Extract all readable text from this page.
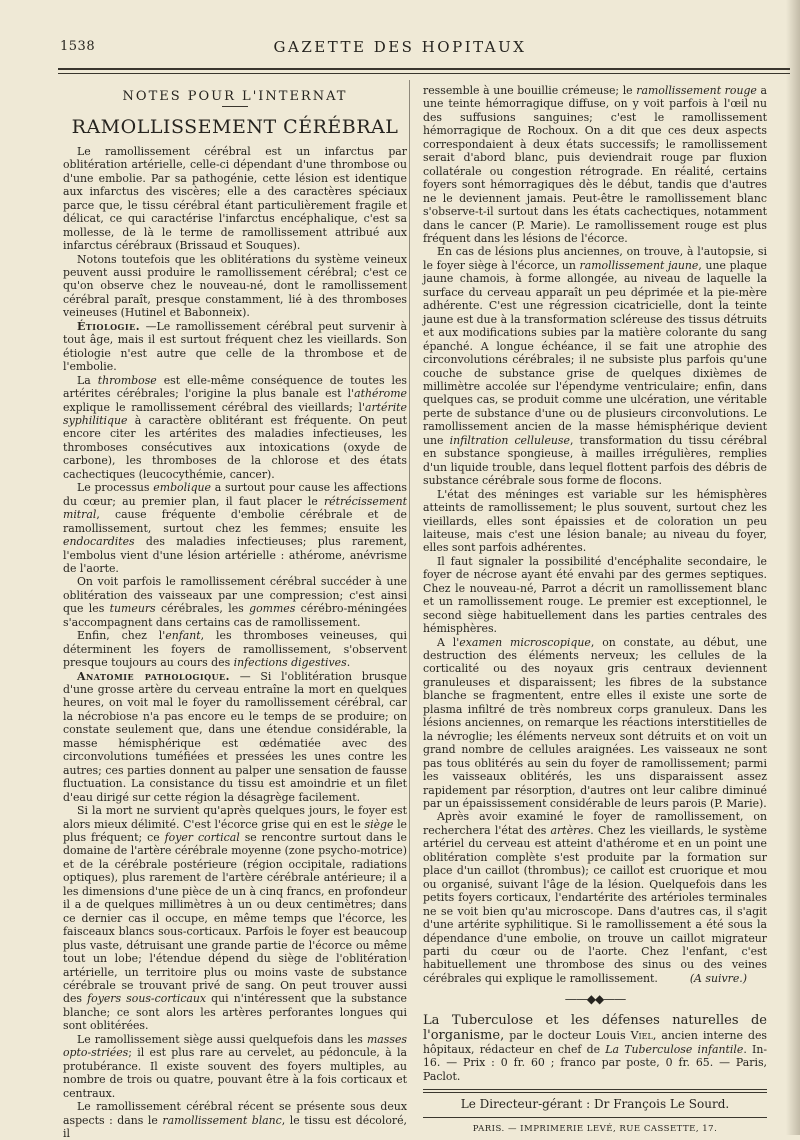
1538	GAZETTE DES HOPITAUX
NOTES POUR L'INTERNAT
RAMOLLISSEMENT CÉRÉBRAL

Le ramollissement cérébral est un infarctus par oblitération artérielle, celle-ci dépendant d'une thrombose ou d'une embolie. Par sa pathogénie, cette lésion est identique aux infarctus des viscères; elle a des caractères spéciaux parce que, le tissu cérébral étant particulièrement fragile et délicat, ce qui caractérise l'infarctus encéphalique, c'est sa mollesse, de là le terme de ramollissement attribué aux infarctus cérébraux (Brissaud et Souques).

Notons toutefois que les oblitérations du système veineux peuvent aussi produire le ramollissement cérébral; c'est ce qu'on observe chez le nouveau-né, dont le ramollissement cérébral paraît, presque constamment, lié à des thromboses veineuses (Hutinel et Babonneix).

Étiologie. —Le ramollissement cérébral peut survenir à tout âge, mais il est surtout fréquent chez les vieillards. Son étiologie n'est autre que celle de la thrombose et de l'embolie.

La thrombose est elle-même conséquence de toutes les artérites cérébrales; l'origine la plus banale est l'athérome explique le ramollissement cérébral des vieillards; l'artérite syphilitique à caractère oblitérant est fréquente. On peut encore citer les artérites des maladies infectieuses, les thromboses consécutives aux intoxications (oxyde de carbone), les thromboses de la chlorose et des états cachectiques (leucocythémie, cancer).

Le processus embolique a surtout pour cause les affections du cœur; au premier plan, il faut placer le rétrécissement mitral, cause fréquente d'embolie cérébrale et de ramollissement, surtout chez les femmes; ensuite les endocardites des maladies infectieuses; plus rarement, l'embolus vient d'une lésion artérielle : athérome, anévrisme de l'aorte.

On voit parfois le ramollissement cérébral succéder à une oblitération des vaisseaux par une compression; c'est ainsi que les tumeurs cérébrales, les gommes cérébro-méningées s'accompagnent dans certains cas de ramollissement.

Enfin, chez l'enfant, les thromboses veineuses, qui déterminent les foyers de ramollissement, s'observent presque toujours au cours des infections digestives.

Anatomie pathologique. — Si l'oblitération brusque d'une grosse artère du cerveau entraîne la mort en quelques heures, on voit mal le foyer du ramollissement cérébral, car la nécrobiose n'a pas encore eu le temps de se produire; on constate seulement que, dans une étendue considérable, la masse hémisphérique est œdématiée avec des circonvolutions tuméfiées et pressées les unes contre les autres; ces parties donnent au palper une sensation de fausse fluctuation. La consistance du tissu est amoindrie et un filet d'eau dirigé sur cette région la désagrège facilement.

Si la mort ne survient qu'après quelques jours, le foyer est alors mieux délimité. C'est l'écorce grise qui en est le siège le plus fréquent; ce foyer cortical se rencontre surtout dans le domaine de l'artère cérébrale moyenne (zone psycho-motrice) et de la cérébrale postérieure (région occipitale, radiations optiques), plus rarement de l'artère cérébrale antérieure; il a les dimensions d'une pièce de un à cinq francs, en profondeur il a de quelques millimètres à un ou deux centimètres; dans ce dernier cas il occupe, en même temps que l'écorce, les faisceaux blancs sous-corticaux. Parfois le foyer est beaucoup plus vaste, détruisant une grande partie de l'écorce ou même tout un lobe; l'étendue dépend du siège de l'oblitération artérielle, un territoire plus ou moins vaste de substance cérébrale se trouvant privé de sang. On peut trouver aussi des foyers sous-corticaux qui n'intéressent que la substance blanche; ce sont alors les artères perforantes longues qui sont oblitérées.

Le ramollissement siège aussi quelquefois dans les masses opto-striées; il est plus rare au cervelet, au pédoncule, à la protubérance. Il existe souvent des foyers multiples, au nombre de trois ou quatre, pouvant être à la fois corticaux et centraux.

Le ramollissement cérébral récent se présente sous deux aspects : dans le ramollissement blanc, le tissu est décoloré, il

ressemble à une bouillie crémeuse; le ramollissement rouge a une teinte hémorragique diffuse, on y voit parfois à l'œil nu des suffusions sanguines; c'est le ramollissement hémorragique de Rochoux. On a dit que ces deux aspects correspondaient à deux états successifs; le ramollissement serait d'abord blanc, puis deviendrait rouge par fluxion collatérale ou congestion rétrograde. En réalité, certains foyers sont hémorragiques dès le début, tandis que d'autres ne le deviennent jamais. Peut-être le ramollissement blanc s'observe-t-il surtout dans les états cachectiques, notamment dans le cancer (P. Marie). Le ramollissement rouge est plus fréquent dans les lésions de l'écorce.

En cas de lésions plus anciennes, on trouve, à l'autopsie, si le foyer siège à l'écorce, un ramollissement jaune, une plaque jaune chamois, à forme allongée, au niveau de laquelle la surface du cerveau apparaît un peu déprimée et la pie-mère adhérente. C'est une régression cicatricielle, dont la teinte jaune est due à la transformation scléreuse des tissus détruits et aux modifications subies par la matière colorante du sang épanché. A longue échéance, il se fait une atrophie des circonvolutions cérébrales; il ne subsiste plus parfois qu'une couche de substance grise de quelques dixièmes de millimètre accolée sur l'épendyme ventriculaire; enfin, dans quelques cas, se produit comme une ulcération, une véritable perte de substance d'une ou de plusieurs circonvolutions. Le ramollissement ancien de la masse hémisphérique devient une infiltration celluleuse, transformation du tissu cérébral en substance spongieuse, à mailles irrégulières, remplies d'un liquide trouble, dans lequel flottent parfois des débris de substance cérébrale sous forme de flocons.

L'état des méninges est variable sur les hémisphères atteints de ramollissement; le plus souvent, surtout chez les vieillards, elles sont épaissies et de coloration un peu laiteuse, mais c'est une lésion banale; au niveau du foyer, elles sont parfois adhérentes.

Il faut signaler la possibilité d'encéphalite secondaire, le foyer de nécrose ayant été envahi par des germes septiques. Chez le nouveau-né, Parrot a décrit un ramollissement blanc et un ramollissement rouge. Le premier est exceptionnel, le second siège habituellement dans les parties centrales des hémisphères.

A l'examen microscopique, on constate, au début, une destruction des éléments nerveux; les cellules de la corticalité ou des noyaux gris centraux deviennent granuleuses et disparaissent; les fibres de la substance blanche se fragmentent, entre elles il existe une sorte de plasma infiltré de très nombreux corps granuleux. Dans les lésions anciennes, on remarque les réactions interstitielles de la névroglie; les éléments nerveux sont détruits et on voit un grand nombre de cellules araignées. Les vaisseaux ne sont pas tous oblitérés au sein du foyer de ramollissement; parmi les vaisseaux oblitérés, les uns disparaissent assez rapidement par résorption, d'autres ont leur calibre diminué par un épaississement considérable de leurs parois (P. Marie).

Après avoir examiné le foyer de ramollissement, on recherchera l'état des artères. Chez les vieillards, le système artériel du cerveau est atteint d'athérome et en un point une oblitération complète s'est produite par la formation sur place d'un caillot (thrombus); ce caillot est cruorique et mou ou organisé, suivant l'âge de la lésion. Quelquefois dans les petits foyers corticaux, l'endartérite des artérioles terminales ne se voit bien qu'au microscope. Dans d'autres cas, il s'agit d'une artérite syphilitique. Si le ramollissement a été sous la dépendance d'une embolie, on trouve un caillot migrateur parti du cœur ou de l'aorte. Chez l'enfant, c'est habituellement une thrombose des sinus ou des veines cérébrales qui explique le ramollissement.	(A suivre.)

——◆◆——

La Tuberculose et les défenses naturelles de l'organisme, par le docteur Louis Viel, ancien interne des hôpitaux, rédacteur en chef de La Tuberculose infantile. In-16. — Prix : 0 fr. 60 ; franco par poste, 0 fr. 65. — Paris, Paclot.

Le Directeur-gérant : Dr François Le Sourd.
PARIS. — IMPRIMERIE LEVÉ, RUE CASSETTE, 17.
